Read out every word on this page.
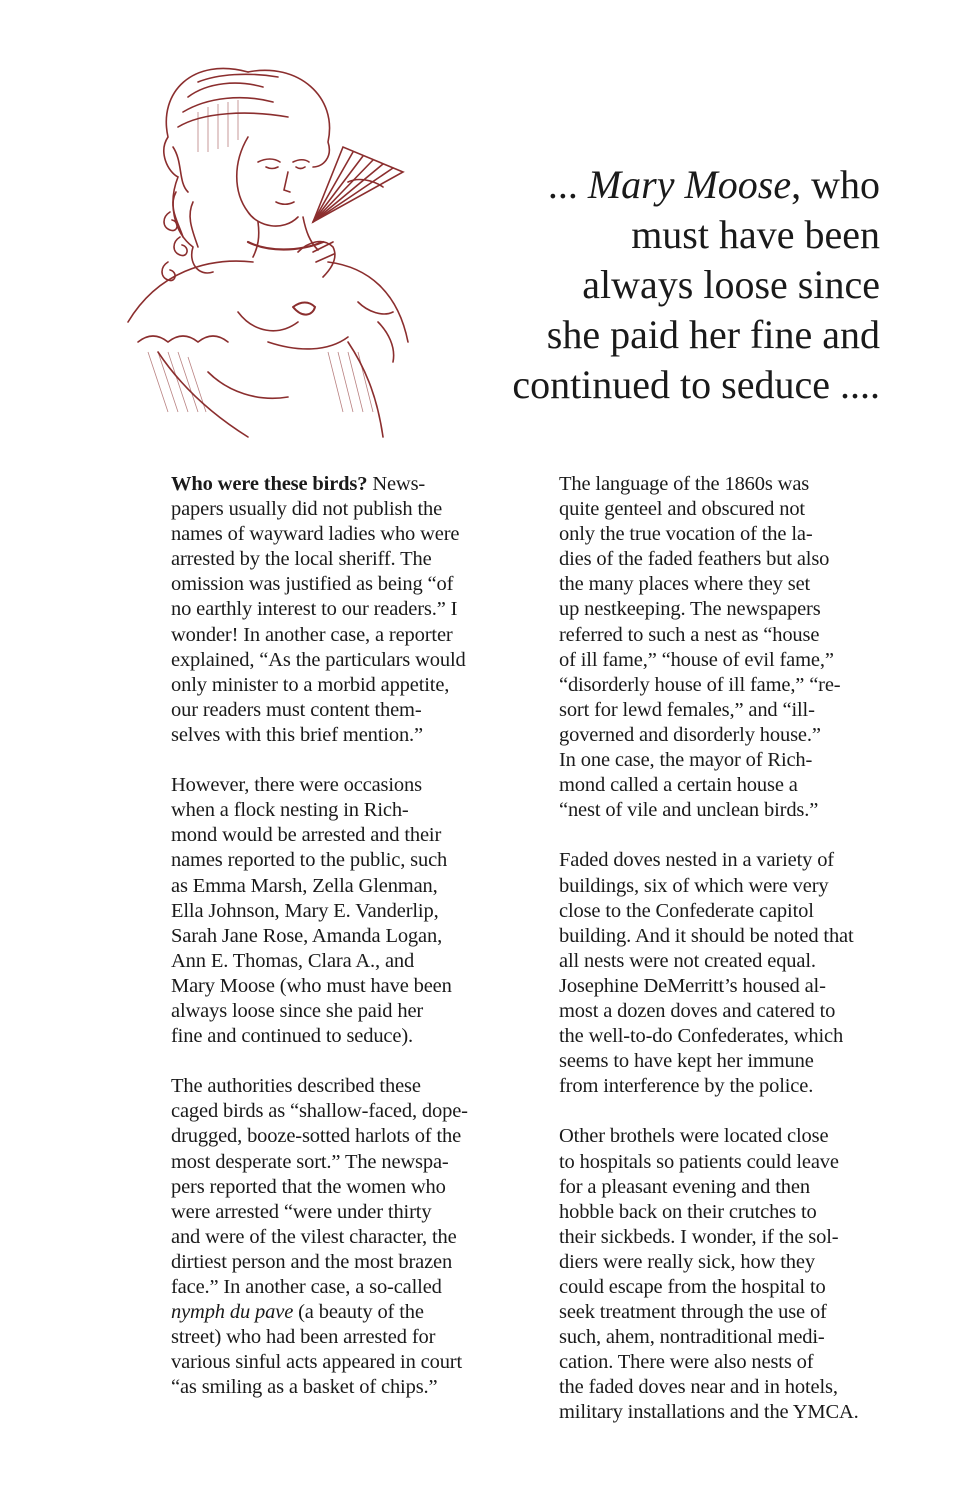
... Mary Moose, who

must have been

always loose since

she paid her fine and

continued to seduce ....

Who were these birds? News-
papers usually did not publish the
names of wayward ladies who were
arrested by the local sheriff. The
omission was justified as being “of
no earthly interest to our readers.” I
wonder! In another case, a reporter
explained, “As the particulars would
only minister to a morbid appetite,
our readers must content them-
selves with this brief mention.”
However, there were occasions
when a flock nesting in Rich-
mond would be arrested and their
names reported to the public, such
as Emma Marsh, Zella Glenman,
Ella Johnson, Mary E. Vanderlip,
Sarah Jane Rose, Amanda Logan,
Ann E. Thomas, Clara A., and
Mary Moose (who must have been
always loose since she paid her
fine and continued to seduce).
The authorities described these
caged birds as “shallow-faced, dope-
drugged, booze-sotted harlots of the
most desperate sort.” The newspa-
pers reported that the women who
were arrested “were under thirty
and were of the vilest character, the
dirtiest person and the most brazen
face.” In another case, a so-called
nymph du pave (a beauty of the
street) who had been arrested for
various sinful acts appeared in court
“as smiling as a basket of chips.”
The language of the 1860s was
quite genteel and obscured not
only the true vocation of the la-
dies of the faded feathers but also
the many places where they set
up nestkeeping. The newspapers
referred to such a nest as “house
of ill fame,” “house of evil fame,”
“disorderly house of ill fame,” “re-
sort for lewd females,” and “ill-
governed and disorderly house.”
In one case, the mayor of Rich-
mond called a certain house a
“nest of vile and unclean birds.”
Faded doves nested in a variety of
buildings, six of which were very
close to the Confederate capitol
building. And it should be noted that
all nests were not created equal.
Josephine DeMerritt’s housed al-
most a dozen doves and catered to
the well-to-do Confederates, which
seems to have kept her immune
from interference by the police.
Other brothels were located close
to hospitals so patients could leave
for a pleasant evening and then
hobble back on their crutches to
their sickbeds. I wonder, if the sol-
diers were really sick, how they
could escape from the hospital to
seek treatment through the use of
such, ahem, nontraditional medi-
cation. There were also nests of
the faded doves near and in hotels,
military installations and the YMCA.
